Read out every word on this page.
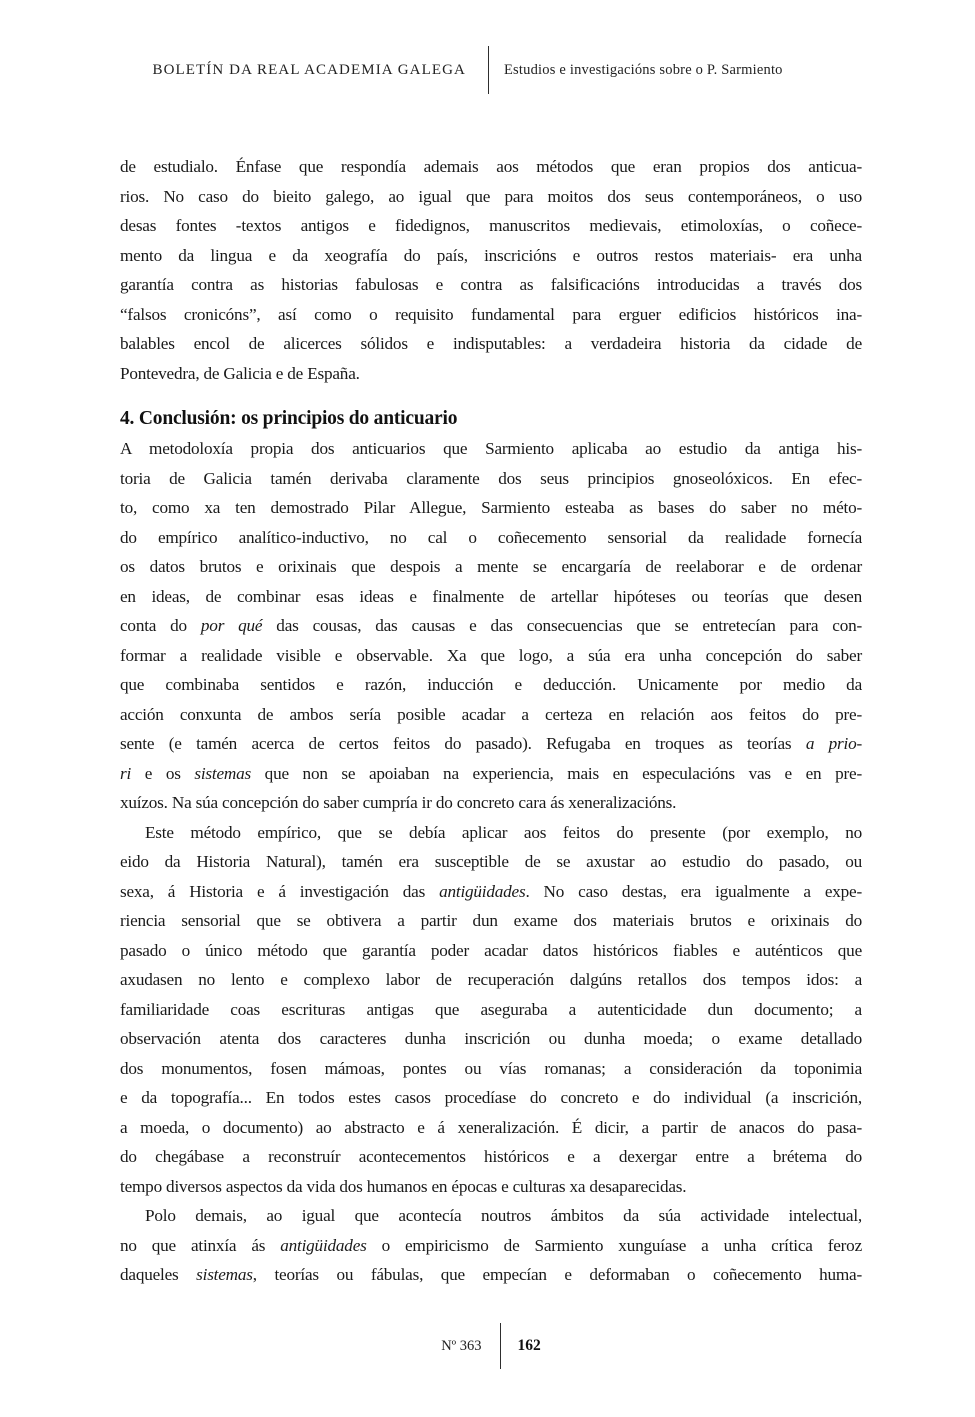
BOLETÍN DA REAL ACADEMIA GALEGA	Estudios e investigacións sobre o P. Sarmiento
de estudialo. Énfase que respondía ademais aos métodos que eran propios dos anticua-
rios. No caso do bieito galego, ao igual que para moitos dos seus contemporáneos, o uso
desas fontes -textos antigos e fidedignos, manuscritos medievais, etimoloxías, o coñece-
mento da lingua e da xeografía do país, inscricións e outros restos materiais- era unha
garantía contra as historias fabulosas e contra as falsificacións introducidas a través dos
“falsos cronicóns”, así como o requisito fundamental para erguer edificios históricos ina-
balables encol de alicerces sólidos e indisputables: a verdadeira historia da cidade de
Pontevedra, de Galicia e de España.
4. Conclusión: os principios do anticuario
A metodoloxía propia dos anticuarios que Sarmiento aplicaba ao estudio da antiga his-
toria de Galicia tamén derivaba claramente dos seus principios gnoseolóxicos. En efec-
to, como xa ten demostrado Pilar Allegue, Sarmiento esteaba as bases do saber no méto-
do empírico analítico-inductivo, no cal o coñecemento sensorial da realidade fornecía
os datos brutos e orixinais que despois a mente se encargaría de reelaborar e de ordenar
en ideas, de combinar esas ideas e finalmente de artellar hipóteses ou teorías que desen
conta do por qué das cousas, das causas e das consecuencias que se entretecían para con-
formar a realidade visible e observable. Xa que logo, a súa era unha concepción do saber
que combinaba sentidos e razón, inducción e deducción. Unicamente por medio da
acción conxunta de ambos sería posible acadar a certeza en relación aos feitos do pre-
sente (e tamén acerca de certos feitos do pasado). Refugaba en troques as teorías a prio-
ri e os sistemas que non se apoiaban na experiencia, mais en especulacións vas e en pre-
xuízos. Na súa concepción do saber cumpría ir do concreto cara ás xeneralizacións.
Este método empírico, que se debía aplicar aos feitos do presente (por exemplo, no
eido da Historia Natural), tamén era susceptible de se axustar ao estudio do pasado, ou
sexa, á Historia e á investigación das antigüidades. No caso destas, era igualmente a expe-
riencia sensorial que se obtivera a partir dun exame dos materiais brutos e orixinais do
pasado o único método que garantía poder acadar datos históricos fiables e auténticos que
axudasen no lento e complexo labor de recuperación dalgúns retallos dos tempos idos: a
familiaridade coas escrituras antigas que aseguraba a autenticidade dun documento; a
observación atenta dos caracteres dunha inscrición ou dunha moeda; o exame detallado
dos monumentos, fosen mámoas, pontes ou vías romanas; a consideración da toponimia
e da topografía... En todos estes casos procedíase do concreto e do individual (a inscrición,
a moeda, o documento) ao abstracto e á xeneralización. É dicir, a partir de anacos do pasa-
do chegábase a reconstruír acontecementos históricos e a dexergar entre a brétema do
tempo diversos aspectos da vida dos humanos en épocas e culturas xa desaparecidas.
Polo demais, ao igual que acontecía noutros ámbitos da súa actividade intelectual,
no que atinxía ás antigüidades o empiricismo de Sarmiento xunguíase a unha crítica feroz
daqueles sistemas, teorías ou fábulas, que empecían e deformaban o coñecemento huma-
Nº 363 162
